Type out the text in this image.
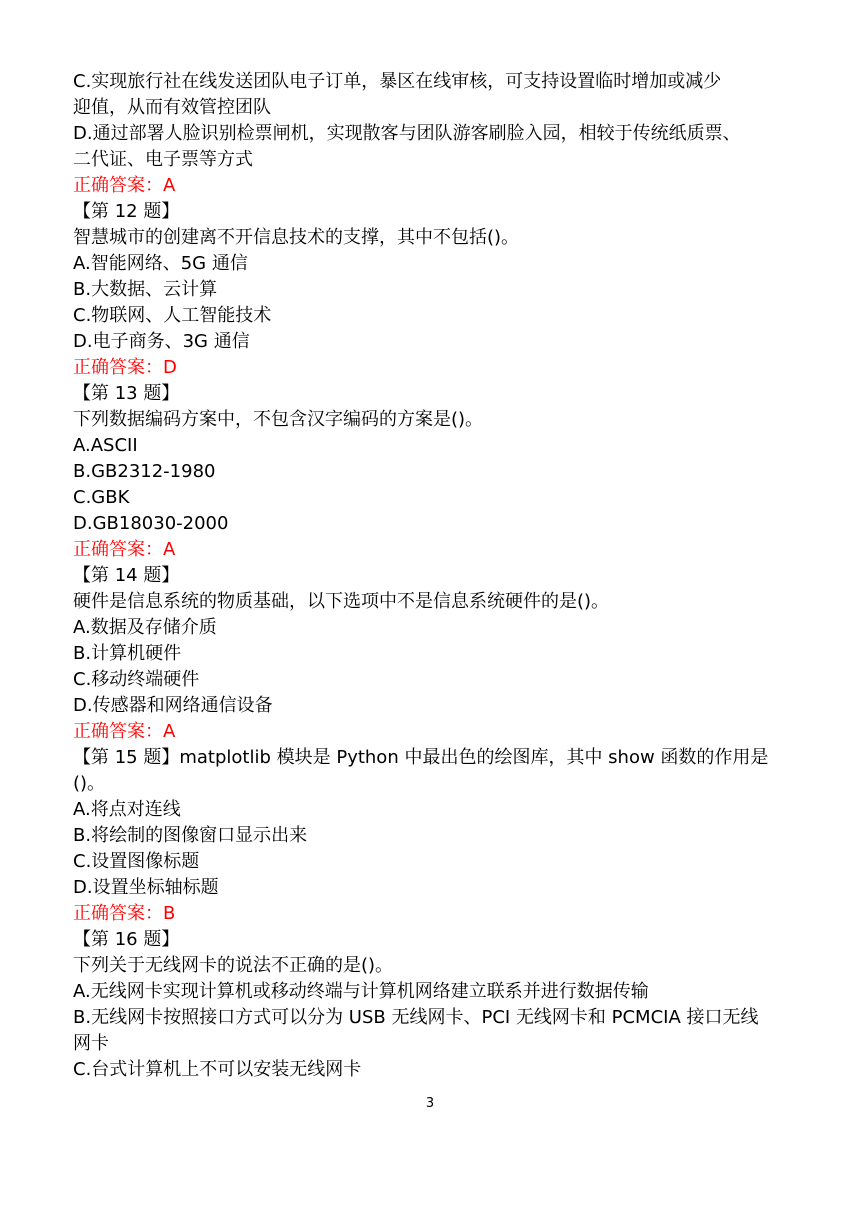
C.实现旅行社在线发送团队电子订单，暴区在线审核，可支持设置临时增加或减少
迎值，从而有效管控团队
D.通过部署人脸识别检票闸机，实现散客与团队游客刷脸入园，相较于传统纸质票、
二代证、电子票等方式
正确答案：A
【第 12 题】
智慧城市的创建离不开信息技术的支撑，其中不包括()。
A.智能网络、5G 通信
B.大数据、云计算
C.物联网、人工智能技术
D.电子商务、3G 通信
正确答案：D
【第 13 题】
下列数据编码方案中，不包含汉字编码的方案是()。
A.ASCII
B.GB2312-1980
C.GBK
D.GB18030-2000
正确答案：A
【第 14 题】
硬件是信息系统的物质基础，以下选项中不是信息系统硬件的是()。
A.数据及存储介质
B.计算机硬件
C.移动终端硬件
D.传感器和网络通信设备
正确答案：A
【第 15 题】matplotlib 模块是 Python 中最出色的绘图库，其中 show 函数的作用是
()。
A.将点对连线
B.将绘制的图像窗口显示出来
C.设置图像标题
D.设置坐标轴标题
正确答案：B
【第 16 题】
下列关于无线网卡的说法不正确的是()。
A.无线网卡实现计算机或移动终端与计算机网络建立联系并进行数据传输
B.无线网卡按照接口方式可以分为 USB 无线网卡、PCI 无线网卡和 PCMCIA 接口无线
网卡
C.台式计算机上不可以安装无线网卡
3
